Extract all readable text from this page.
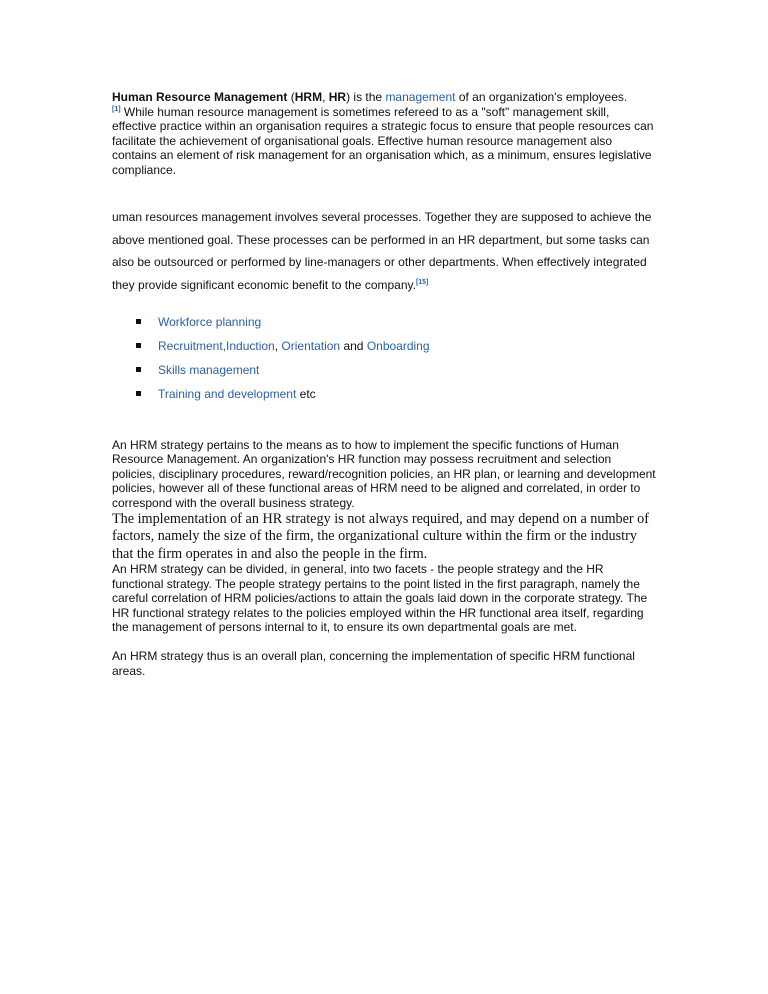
Human Resource Management (HRM, HR) is the management of an organization's employees.
[1] While human resource management is sometimes refereed to as a "soft" management skill, effective practice within an organisation requires a strategic focus to ensure that people resources can facilitate the achievement of organisational goals. Effective human resource management also contains an element of risk management for an organisation which, as a minimum, ensures legislative compliance.

uman resources management involves several processes. Together they are supposed to achieve the above mentioned goal. These processes can be performed in an HR department, but some tasks can also be outsourced or performed by line-managers or other departments. When effectively integrated they provide significant economic benefit to the company.[15]

Workforce planning
Recruitment,Induction, Orientation and Onboarding
Skills management
Training and development etc

An HRM strategy pertains to the means as to how to implement the specific functions of Human Resource Management. An organization's HR function may possess recruitment and selection policies, disciplinary procedures, reward/recognition policies, an HR plan, or learning and development policies, however all of these functional areas of HRM need to be aligned and correlated, in order to correspond with the overall business strategy.

The implementation of an HR strategy is not always required, and may depend on a number of factors, namely the size of the firm, the organizational culture within the firm or the industry that the firm operates in and also the people in the firm.

An HRM strategy can be divided, in general, into two facets - the people strategy and the HR functional strategy. The people strategy pertains to the point listed in the first paragraph, namely the careful correlation of HRM policies/actions to attain the goals laid down in the corporate strategy. The HR functional strategy relates to the policies employed within the HR functional area itself, regarding the management of persons internal to it, to ensure its own departmental goals are met.

An HRM strategy thus is an overall plan, concerning the implementation of specific HRM functional areas.
